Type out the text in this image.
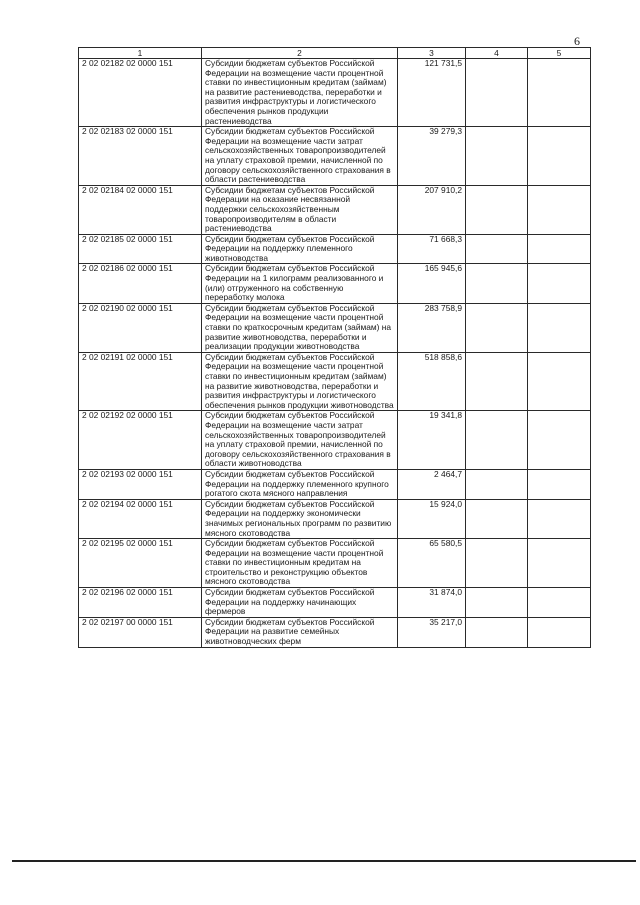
6
1	2	3	4	5
2 02 02182 02 0000 151	Субсидии бюджетам субъектов Российской Федерации на возмещение части процентной ставки по инвестиционным кредитам (займам) на развитие растениеводства, переработки и развития инфраструктуры и логистического обеспечения рынков продукции растениеводства	121 731,5		
2 02 02183 02 0000 151	Субсидии бюджетам субъектов Российской Федерации на возмещение части затрат сельскохозяйственных товаропроизводителей на уплату страховой премии, начисленной по договору сельскохозяйственного страхования в области растениеводства	39 279,3		
2 02 02184 02 0000 151	Субсидии бюджетам субъектов Российской Федерации на оказание несвязанной поддержки сельскохозяйственным товаропроизводителям в области растениеводства	207 910,2		
2 02 02185 02 0000 151	Субсидии бюджетам субъектов Российской Федерации на поддержку племенного животноводства	71 668,3		
2 02 02186 02 0000 151	Субсидии бюджетам субъектов Российской Федерации на 1 килограмм реализованного и (или) отгруженного на собственную переработку молока	165 945,6		
2 02 02190 02 0000 151	Субсидии бюджетам субъектов Российской Федерации на возмещение части процентной ставки по краткосрочным кредитам (займам) на развитие животноводства, переработки и реализации продукции животноводства	283 758,9		
2 02 02191 02 0000 151	Субсидии бюджетам субъектов Российской Федерации на возмещение части процентной ставки по инвестиционным кредитам (займам) на развитие животноводства, переработки и развития инфраструктуры и логистического обеспечения рынков продукции животноводства	518 858,6		
2 02 02192 02 0000 151	Субсидии бюджетам субъектов Российской Федерации на возмещение части затрат сельскохозяйственных товаропроизводителей на уплату страховой премии, начисленной по договору сельскохозяйственного страхования в области животноводства	19 341,8		
2 02 02193 02 0000 151	Субсидии бюджетам субъектов Российской Федерации на поддержку племенного крупного рогатого скота мясного направления	2 464,7		
2 02 02194 02 0000 151	Субсидии бюджетам субъектов Российской Федерации на поддержку экономически значимых региональных программ по развитию мясного скотоводства	15 924,0		
2 02 02195 02 0000 151	Субсидии бюджетам субъектов Российской Федерации на возмещение части процентной ставки по инвестиционным кредитам на строительство и реконструкцию объектов мясного скотоводства	65 580,5		
2 02 02196 02 0000 151	Субсидии бюджетам субъектов Российской Федерации на поддержку начинающих фермеров	31 874,0		
2 02 02197 00 0000 151	Субсидии бюджетам субъектов Российской Федерации на развитие семейных животноводческих ферм	35 217,0		
